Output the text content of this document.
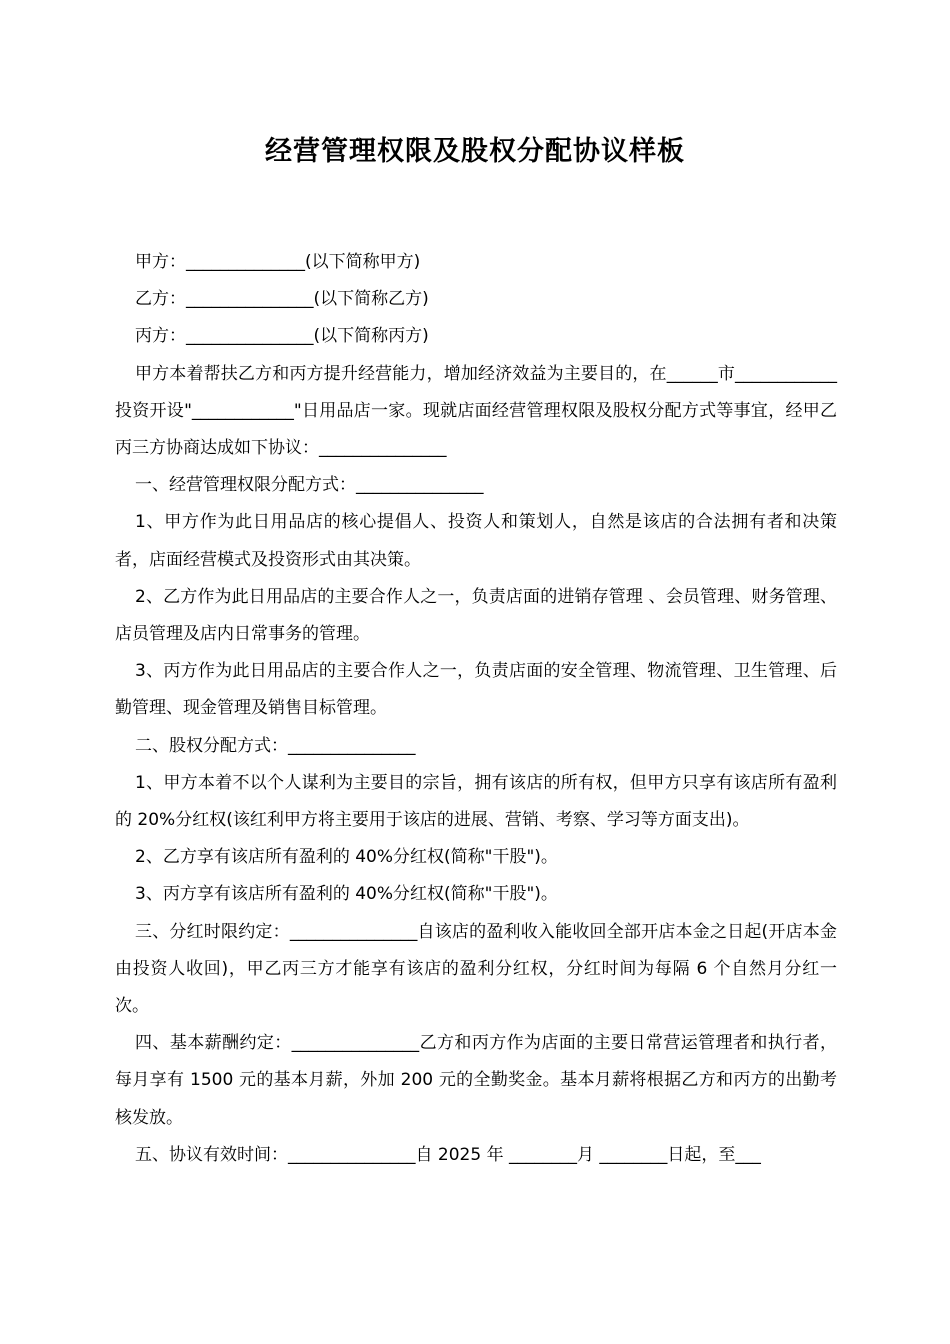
经营管理权限及股权分配协议样板

甲方：______________(以下简称甲方)

乙方：_______________(以下简称乙方)

丙方：_______________(以下简称丙方)

甲方本着帮扶乙方和丙方提升经营能力，增加经济效益为主要目的，在______市____________投资开设"____________"日用品店一家。现就店面经营管理权限及股权分配方式等事宜，经甲乙丙三方协商达成如下协议：_______________

一、经营管理权限分配方式：_______________

1、甲方作为此日用品店的核心提倡人、投资人和策划人，自然是该店的合法拥有者和决策者，店面经营模式及投资形式由其决策。

2、乙方作为此日用品店的主要合作人之一，负责店面的进销存管理 、会员管理、财务管理、店员管理及店内日常事务的管理。

3、丙方作为此日用品店的主要合作人之一，负责店面的安全管理、物流管理、卫生管理、后勤管理、现金管理及销售目标管理。

二、股权分配方式：_______________

1、甲方本着不以个人谋利为主要目的宗旨，拥有该店的所有权，但甲方只享有该店所有盈利的 20%分红权(该红利甲方将主要用于该店的进展、营销、考察、学习等方面支出)。

2、乙方享有该店所有盈利的 40%分红权(简称"干股")。

3、丙方享有该店所有盈利的 40%分红权(简称"干股")。

三、分红时限约定：_______________自该店的盈利收入能收回全部开店本金之日起(开店本金由投资人收回)，甲乙丙三方才能享有该店的盈利分红权，分红时间为每隔 6 个自然月分红一次。

四、基本薪酬约定：_______________乙方和丙方作为店面的主要日常营运管理者和执行者，每月享有 1500 元的基本月薪，外加 200 元的全勤奖金。基本月薪将根据乙方和丙方的出勤考核发放。

五、协议有效时间：_______________自 2025 年 ________月 ________日起，至___
